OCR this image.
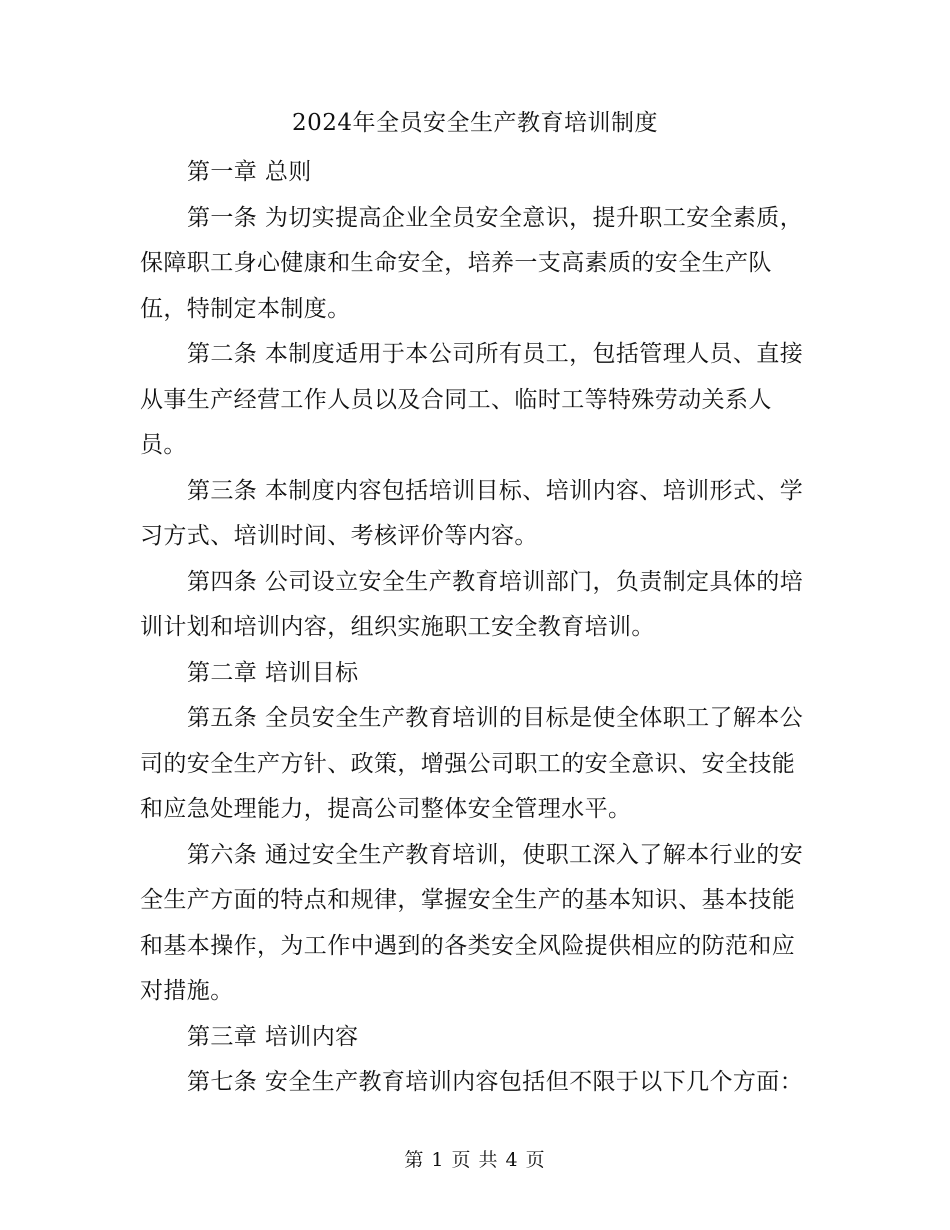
2024年全员安全生产教育培训制度
第一章 总则
第一条 为切实提高企业全员安全意识，提升职工安全素质，
保障职工身心健康和生命安全，培养一支高素质的安全生产队
伍，特制定本制度。
第二条 本制度适用于本公司所有员工，包括管理人员、直接
从事生产经营工作人员以及合同工、临时工等特殊劳动关系人
员。
第三条 本制度内容包括培训目标、培训内容、培训形式、学
习方式、培训时间、考核评价等内容。
第四条 公司设立安全生产教育培训部门，负责制定具体的培
训计划和培训内容，组织实施职工安全教育培训。
第二章 培训目标
第五条 全员安全生产教育培训的目标是使全体职工了解本公
司的安全生产方针、政策，增强公司职工的安全意识、安全技能
和应急处理能力，提高公司整体安全管理水平。
第六条 通过安全生产教育培训，使职工深入了解本行业的安
全生产方面的特点和规律，掌握安全生产的基本知识、基本技能
和基本操作，为工作中遇到的各类安全风险提供相应的防范和应
对措施。
第三章 培训内容
第七条 安全生产教育培训内容包括但不限于以下几个方面：
第 1 页 共 4 页
